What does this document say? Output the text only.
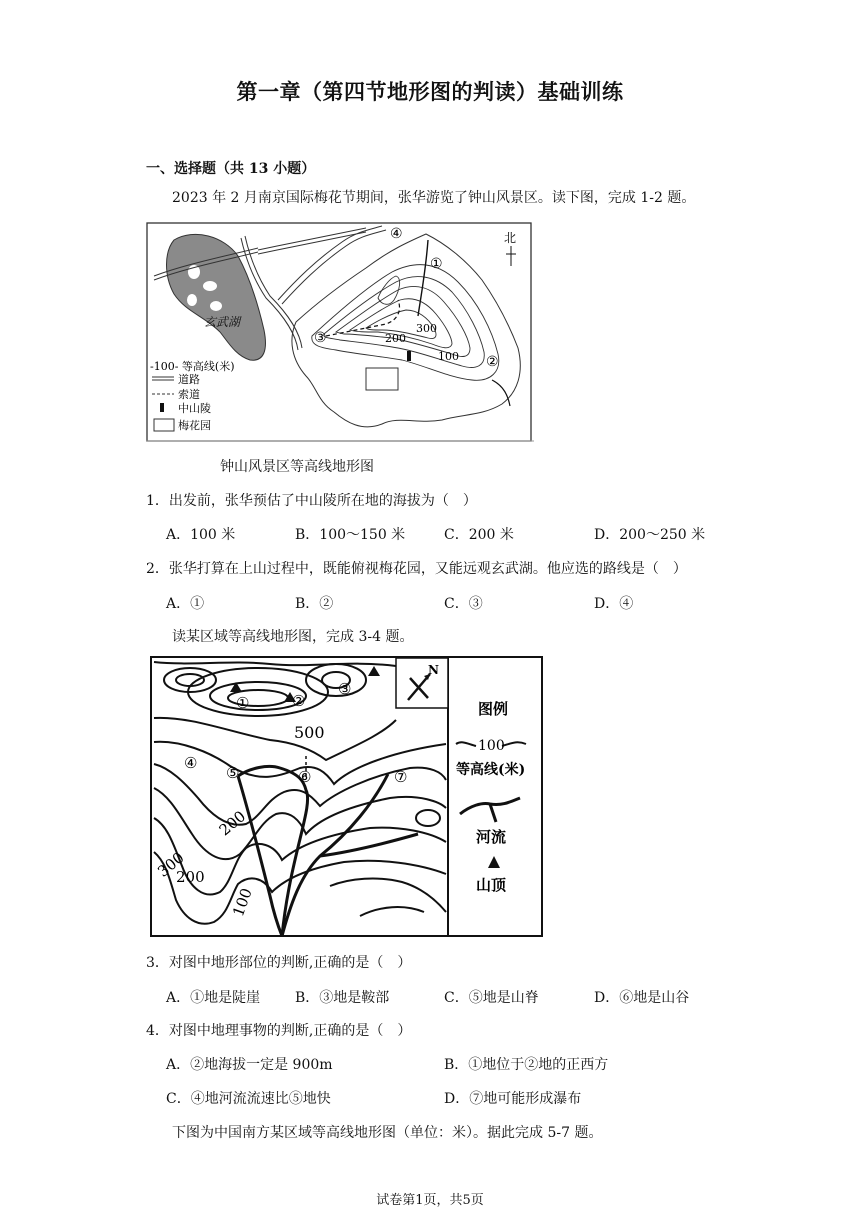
第一章（第四节地形图的判读）基础训练
一、选择题（共 13 小题）
2023 年 2 月南京国际梅花节期间，张华游览了钟山风景区。读下图，完成 1-2 题。
玄武湖	300
200
100
④
①
③
②
北
-100- 等高线(米)
道路
索道
中山陵
梅花园
钟山风景区等高线地形图
1．出发前，张华预估了中山陵所在地的海拔为（　）
A．100 米	B．100～150 米	C．200 米	D．200～250 米
2．张华打算在上山过程中，既能俯视梅花园，又能远观玄武湖。他应选的路线是（　）
A．①	B．②	C．③	D．④
读某区域等高线地形图，完成 3-4 题。
①	②
③
④
⑤	⑥	⑦
500
200
300
200
100
N
图例
100
等高线(米)
河流
山顶
3．对图中地形部位的判断,正确的是（　）
A．①地是陡崖 B．③地是鞍部	C．⑤地是山脊	D．⑥地是山谷
4．对图中地理事物的判断,正确的是（　）
A．②地海拔一定是 900m	B．①地位于②地的正西方
C．④地河流流速比⑤地快	D．⑦地可能形成瀑布
下图为中国南方某区域等高线地形图（单位：米）。据此完成 5-7 题。
试卷第1页，共5页
